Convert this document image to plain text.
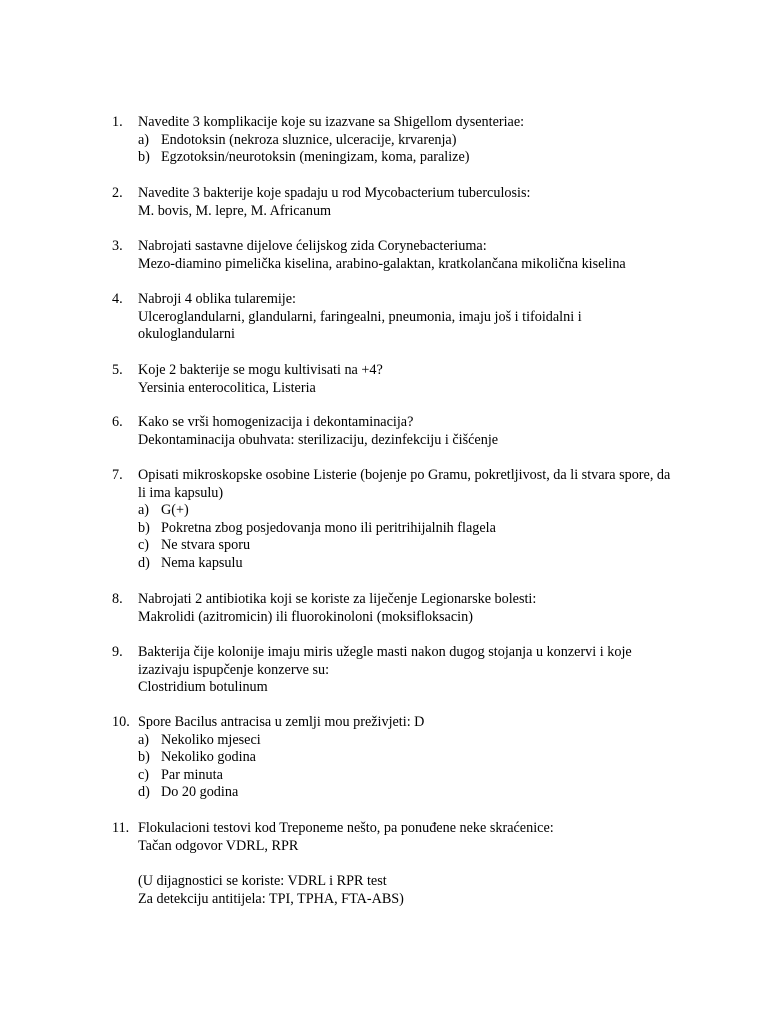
1.	Navedite 3 komplikacije koje su izazvane sa Shigellom dysenteriae:
a) Endotoksin (nekroza sluznice, ulceracije, krvarenja)
b) Egzotoksin/neurotoksin (meningizam, koma, paralize)
2.	Navedite 3 bakterije koje spadaju u rod Mycobacterium tuberculosis:
M. bovis, M. lepre, M. Africanum
3.	Nabrojati sastavne dijelove ćelijskog zida Corynebacteriuma:
Mezo-diamino pimelička kiselina, arabino-galaktan, kratkolančana mikolična kiselina
4.	Nabroji 4 oblika tularemije:
Ulceroglandularni, glandularni, faringealni, pneumonia, imaju još i tifoidalni i
okuloglandularni
5.	Koje 2 bakterije se mogu kultivisati na +4?
Yersinia enterocolitica, Listeria
6.	Kako se vrši homogenizacija i dekontaminacija?
Dekontaminacija obuhvata: sterilizaciju, dezinfekciju i čišćenje
7.	Opisati mikroskopske osobine Listerie (bojenje po Gramu, pokretljivost, da li stvara spore, da
li ima kapsulu)
a) G(+)
b) Pokretna zbog posjedovanja mono ili peritrihijalnih flagela
c) Ne stvara sporu
d) Nema kapsulu
8.	Nabrojati 2 antibiotika koji se koriste za liječenje Legionarske bolesti:
Makrolidi (azitromicin) ili fluorokinoloni (moksifloksacin)
9.	Bakterija čije kolonije imaju miris užegle masti nakon dugog stojanja u konzervi i koje
izazivaju ispupčenje konzerve su:
Clostridium botulinum
10. Spore Bacilus antracisa u zemlji mou preživjeti: D
a) Nekoliko mjeseci
b) Nekoliko godina
c) Par minuta
d) Do 20 godina
11. Flokulacioni testovi kod Treponeme nešto, pa ponuđene neke skraćenice:
Tačan odgovor VDRL, RPR
(U dijagnostici se koriste: VDRL i RPR test
Za detekciju antitijela: TPI, TPHA, FTA-ABS)
